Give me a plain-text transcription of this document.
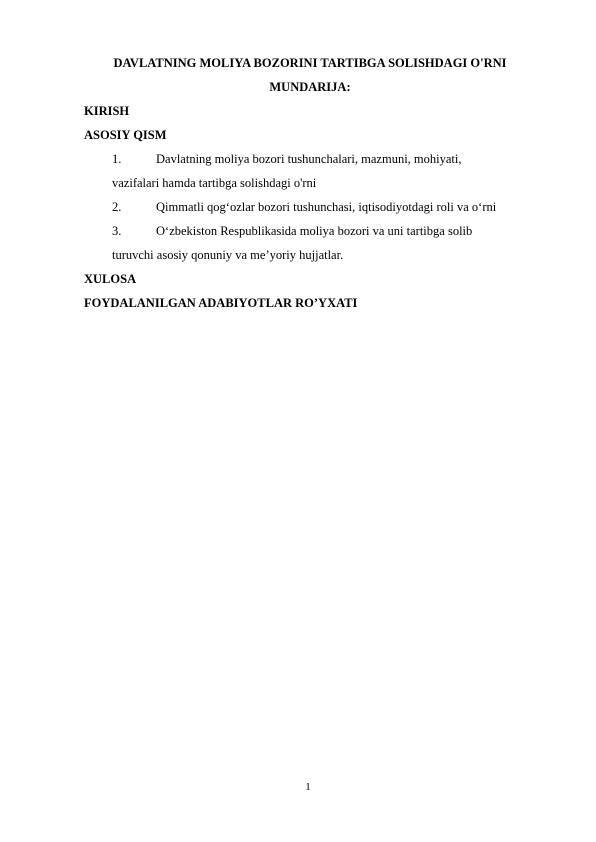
DAVLATNING MOLIYA BOZORINI TARTIBGA SOLISHDAGI O'RNI
MUNDARIJA:
KIRISH
ASOSIY QISM
1.	Davlatning moliya bozori tushunchalari, mazmuni, mohiyati,
vazifalari hamda tartibga solishdagi o'rni
2.	Qimmatli qog‘ozlar bozori tushunchasi, iqtisodiyotdagi roli va o‘rni
3.	O‘zbekiston Respublikasida moliya bozori va uni tartibga solib
turuvchi asosiy qonuniy va me’yoriy hujjatlar.
XULOSA
FOYDALANILGAN ADABIYOTLAR RO’YXATI
1
